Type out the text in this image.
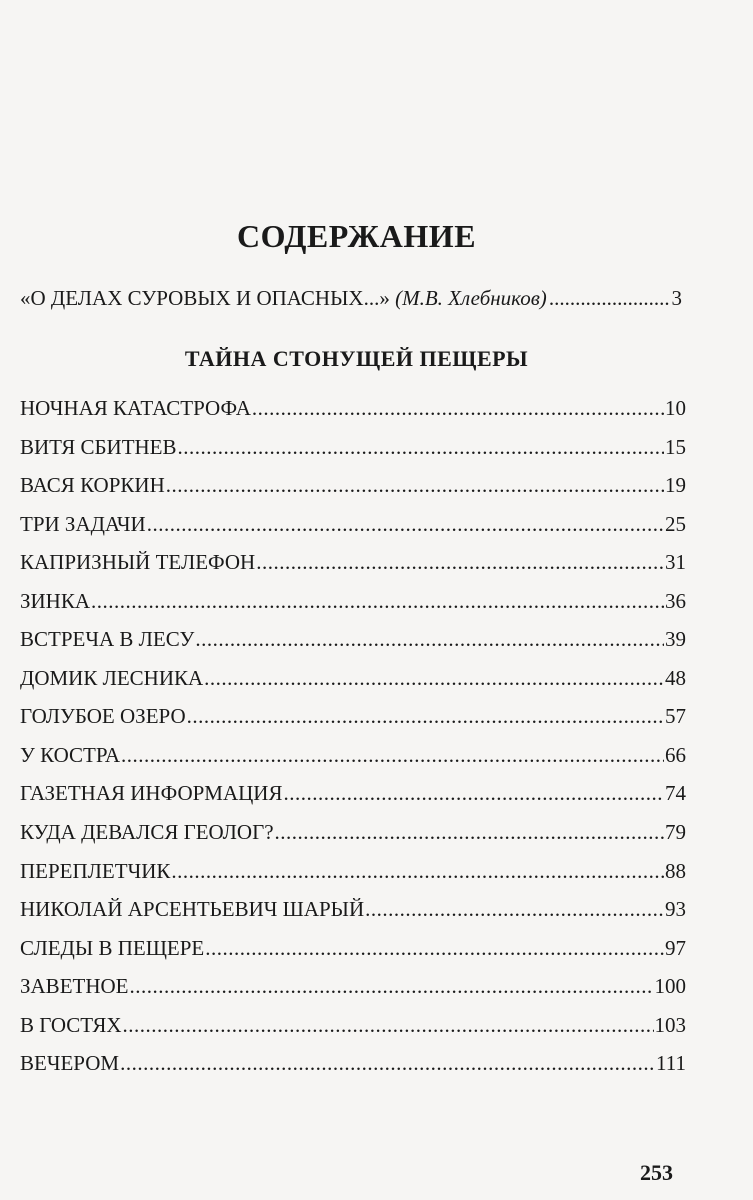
СОДЕРЖАНИЕ
«О ДЕЛАХ СУРОВЫХ И ОПАСНЫХ...»
(М.В. Хлебников) .....	3
ТАЙНА СТОНУЩЕЙ ПЕЩЕРЫ
НОЧНАЯ КАТАСТРОФА .....	10
ВИТЯ СБИТНЕВ .....	15
ВАСЯ КОРКИН .....	19
ТРИ ЗАДАЧИ .....	25
КАПРИЗНЫЙ ТЕЛЕФОН .....	31
ЗИНКА .....	36
ВСТРЕЧА В ЛЕСУ .....	39
ДОМИК ЛЕСНИКА .....	48
ГОЛУБОЕ ОЗЕРО .....	57
У КОСТРА .....	66
ГАЗЕТНАЯ ИНФОРМАЦИЯ .....	74
КУДА ДЕВАЛСЯ ГЕОЛОГ? .....	79
ПЕРЕПЛЕТЧИК .....	88
НИКОЛАЙ АРСЕНТЬЕВИЧ ШАРЫЙ .....	93
СЛЕДЫ В ПЕЩЕРЕ .....	97
ЗАВЕТНОЕ .....	100
В ГОСТЯХ .....	103
ВЕЧЕРОМ .....	111
253
